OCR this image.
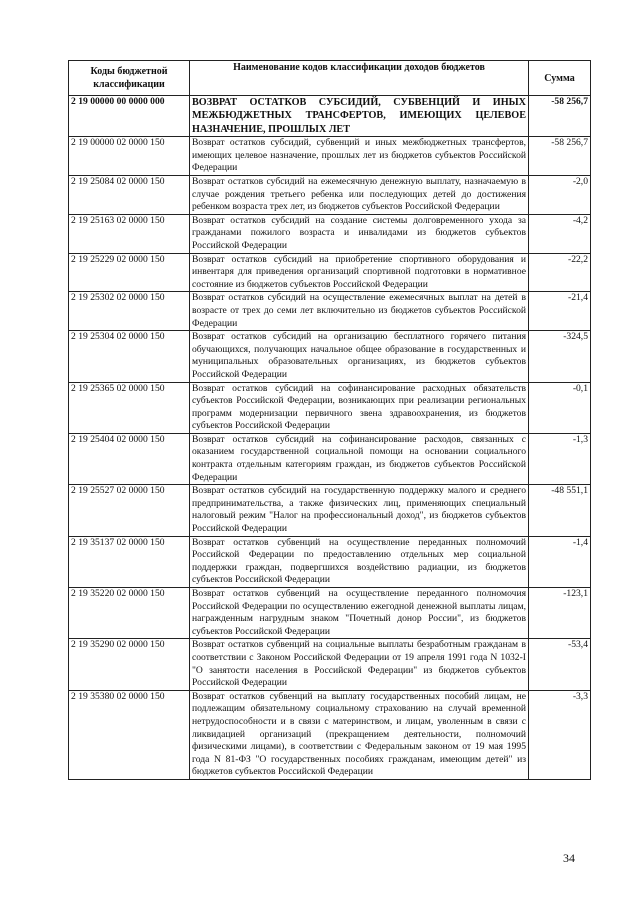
Коды бюджетной классификации	Наименование кодов классификации доходов бюджетов	Сумма
2 19 00000 00 0000 000	ВОЗВРАТ ОСТАТКОВ СУБСИДИЙ, СУБВЕНЦИЙ И ИНЫХ МЕЖБЮДЖЕТНЫХ ТРАНСФЕРТОВ, ИМЕЮЩИХ ЦЕЛЕВОЕ НАЗНАЧЕНИЕ, ПРОШЛЫХ ЛЕТ	-58 256,7
2 19 00000 02 0000 150	Возврат остатков субсидий, субвенций и иных межбюджетных трансфертов, имеющих целевое назначение, прошлых лет из бюджетов субъектов Российской Федерации	-58 256,7
2 19 25084 02 0000 150	Возврат остатков субсидий на ежемесячную денежную выплату, назначаемую в случае рождения третьего ребенка или последующих детей до достижения ребенком возраста трех лет, из бюджетов субъектов Российской Федерации	-2,0
2 19 25163 02 0000 150	Возврат остатков субсидий на создание системы долговременного ухода за гражданами пожилого возраста и инвалидами из бюджетов субъектов Российской Федерации	-4,2
2 19 25229 02 0000 150	Возврат остатков субсидий на приобретение спортивного оборудования и инвентаря для приведения организаций спортивной подготовки в нормативное состояние из бюджетов субъектов Российской Федерации	-22,2
2 19 25302 02 0000 150	Возврат остатков субсидий на осуществление ежемесячных выплат на детей в возрасте от трех до семи лет включительно из бюджетов субъектов Российской Федерации	-21,4
2 19 25304 02 0000 150	Возврат остатков субсидий на организацию бесплатного горячего питания обучающихся, получающих начальное общее образование в государственных и муниципальных образовательных организациях, из бюджетов субъектов Российской Федерации	-324,5
2 19 25365 02 0000 150	Возврат остатков субсидий на софинансирование расходных обязательств субъектов Российской Федерации, возникающих при реализации региональных программ модернизации первичного звена здравоохранения, из бюджетов субъектов Российской Федерации	-0,1
2 19 25404 02 0000 150	Возврат остатков субсидий на софинансирование расходов, связанных с оказанием государственной социальной помощи на основании социального контракта отдельным категориям граждан, из бюджетов субъектов Российской Федерации	-1,3
2 19 25527 02 0000 150	Возврат остатков субсидий на государственную поддержку малого и среднего предпринимательства, а также физических лиц, применяющих специальный налоговый режим "Налог на профессиональный доход", из бюджетов субъектов Российской Федерации	-48 551,1
2 19 35137 02 0000 150	Возврат остатков субвенций на осуществление переданных полномочий Российской Федерации по предоставлению отдельных мер социальной поддержки граждан, подвергшихся воздействию радиации, из бюджетов субъектов Российской Федерации	-1,4
2 19 35220 02 0000 150	Возврат остатков субвенций на осуществление переданного полномочия Российской Федерации по осуществлению ежегодной денежной выплаты лицам, награжденным нагрудным знаком "Почетный донор России", из бюджетов субъектов Российской Федерации	-123,1
2 19 35290 02 0000 150	Возврат остатков субвенций на социальные выплаты безработным гражданам в соответствии с Законом Российской Федерации от 19 апреля 1991 года N 1032-I "О занятости населения в Российской Федерации" из бюджетов субъектов Российской Федерации	-53,4
2 19 35380 02 0000 150	Возврат остатков субвенций на выплату государственных пособий лицам, не подлежащим обязательному социальному страхованию на случай временной нетрудоспособности и в связи с материнством, и лицам, уволенным в связи с ликвидацией организаций (прекращением деятельности, полномочий физическими лицами), в соответствии с Федеральным законом от 19 мая 1995 года N 81-ФЗ "О государственных пособиях гражданам, имеющим детей" из бюджетов субъектов Российской Федерации	-3,3
34
